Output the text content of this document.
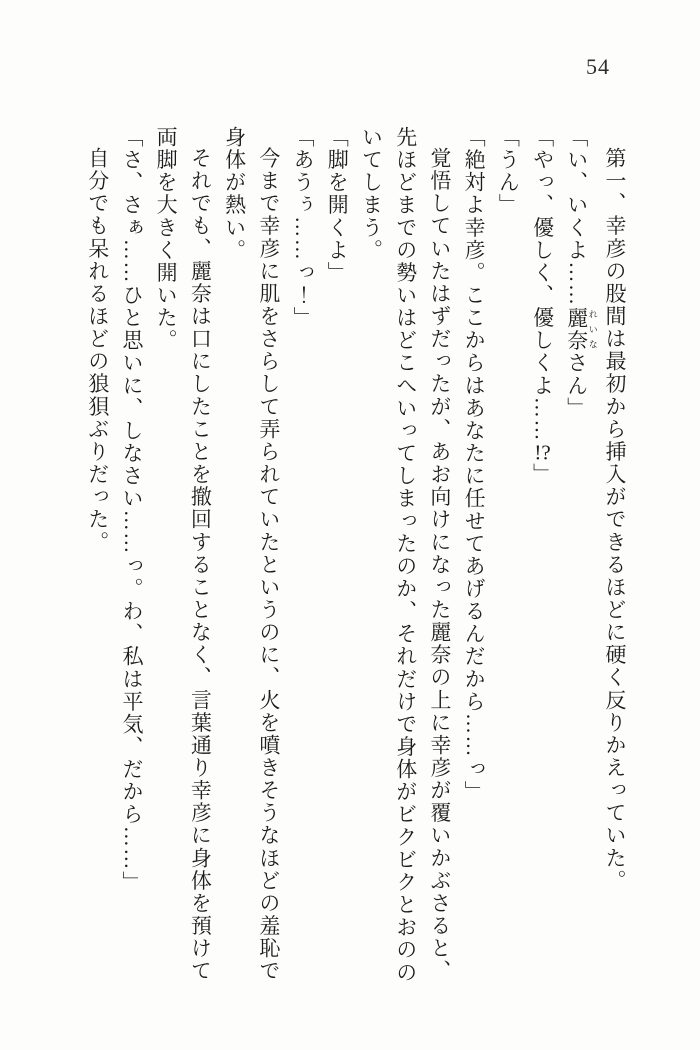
54

第一、幸彦の股間は最初から挿入ができるほどに硬く反りかえっていた。

「い、いくよ……麗奈 れいなさん」

「やっ、優しく、優しくよ……!?」

「うん」

「絶対よ幸彦。ここからはあなたに任せてあげるんだから……っ」

覚悟していたはずだったが、あお向けになった麗奈の上に幸彦が覆いかぶさると、先ほどまでの勢いはどこへいってしまったのか、それだけで身体がビクビクとおののいてしまう。

「脚を開くよ」

「あうぅ……っ！」

今まで幸彦に肌をさらして弄られていたというのに、火を噴きそうなほどの羞恥で身体が熱い。

それでも、麗奈は口にしたことを撤回することなく、言葉通り幸彦に身体を預けて両脚を大きく開いた。

「さ、さぁ……ひと思いに、しなさい……っ。わ、私は平気、だから……」

自分でも呆れるほどの狼狽ぶりだった。
